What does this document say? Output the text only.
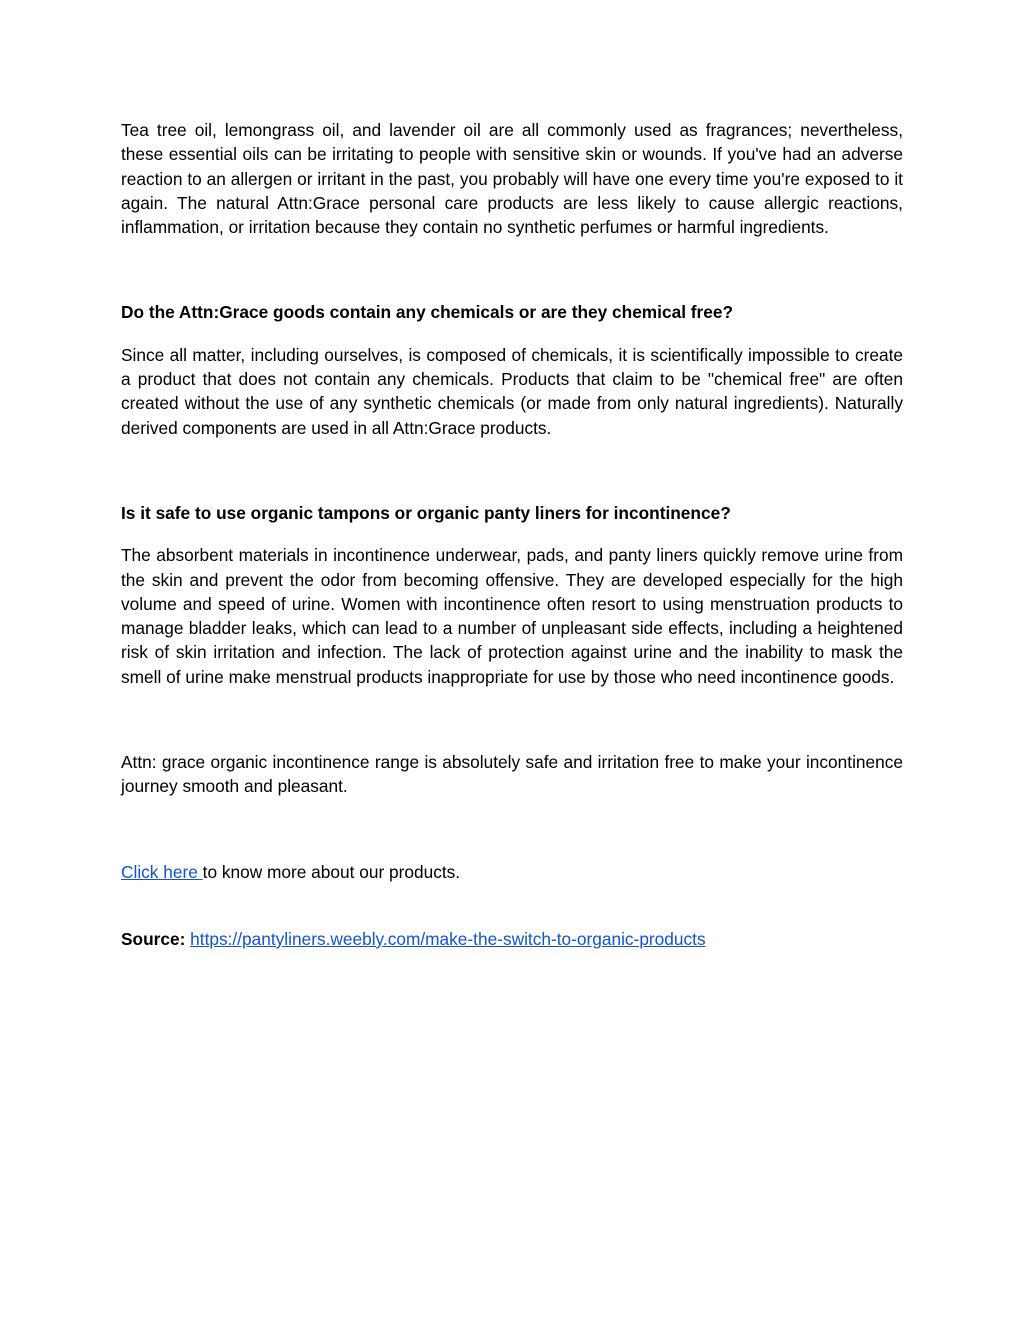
Tea tree oil, lemongrass oil, and lavender oil are all commonly used as fragrances; nevertheless, these essential oils can be irritating to people with sensitive skin or wounds. If you've had an adverse reaction to an allergen or irritant in the past, you probably will have one every time you're exposed to it again. The natural Attn:Grace personal care products are less likely to cause allergic reactions, inflammation, or irritation because they contain no synthetic perfumes or harmful ingredients.

Do the Attn:Grace goods contain any chemicals or are they chemical free?

Since all matter, including ourselves, is composed of chemicals, it is scientifically impossible to create a product that does not contain any chemicals. Products that claim to be "chemical free" are often created without the use of any synthetic chemicals (or made from only natural ingredients). Naturally derived components are used in all Attn:Grace products.

Is it safe to use organic tampons or organic panty liners for incontinence?

The absorbent materials in incontinence underwear, pads, and panty liners quickly remove urine from the skin and prevent the odor from becoming offensive. They are developed especially for the high volume and speed of urine. Women with incontinence often resort to using menstruation products to manage bladder leaks, which can lead to a number of unpleasant side effects, including a heightened risk of skin irritation and infection. The lack of protection against urine and the inability to mask the smell of urine make menstrual products inappropriate for use by those who need incontinence goods.

Attn: grace organic incontinence range is absolutely safe and irritation free to make your incontinence journey smooth and pleasant.

Click here to know more about our products.

Source: https://pantyliners.weebly.com/make-the-switch-to-organic-products
